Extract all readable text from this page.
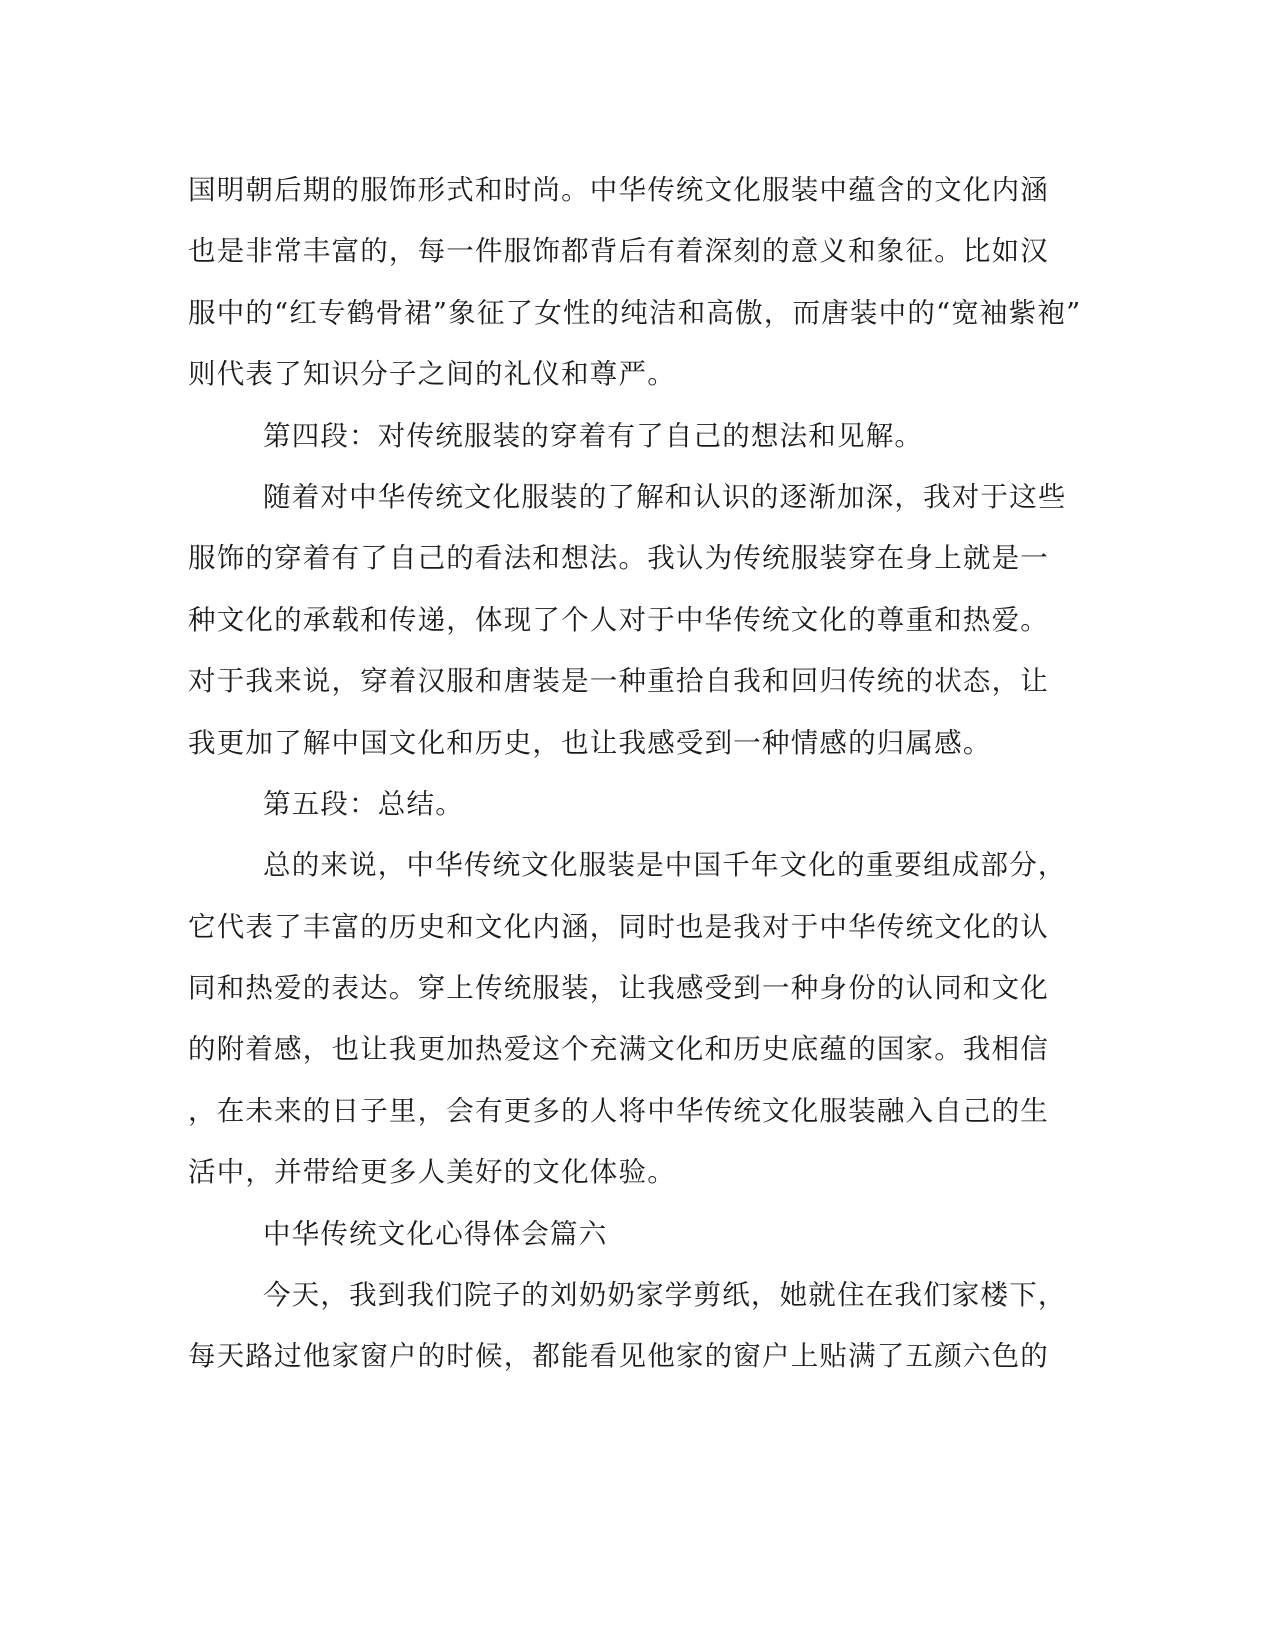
国明朝后期的服饰形式和时尚。中华传统文化服装中蕴含的文化内涵
也是非常丰富的，每一件服饰都背后有着深刻的意义和象征。比如汉
服中的“红专鹤骨裙”象征了女性的纯洁和高傲，而唐装中的“宽袖紫袍”
则代表了知识分子之间的礼仪和尊严。
第四段：对传统服装的穿着有了自己的想法和见解。
随着对中华传统文化服装的了解和认识的逐渐加深，我对于这些
服饰的穿着有了自己的看法和想法。我认为传统服装穿在身上就是一
种文化的承载和传递，体现了个人对于中华传统文化的尊重和热爱。
对于我来说，穿着汉服和唐装是一种重拾自我和回归传统的状态，让
我更加了解中国文化和历史，也让我感受到一种情感的归属感。
第五段：总结。
总的来说，中华传统文化服装是中国千年文化的重要组成部分，
它代表了丰富的历史和文化内涵，同时也是我对于中华传统文化的认
同和热爱的表达。穿上传统服装，让我感受到一种身份的认同和文化
的附着感，也让我更加热爱这个充满文化和历史底蕴的国家。我相信
，在未来的日子里，会有更多的人将中华传统文化服装融入自己的生
活中，并带给更多人美好的文化体验。
中华传统文化心得体会篇六
今天，我到我们院子的刘奶奶家学剪纸，她就住在我们家楼下，
每天路过他家窗户的时候，都能看见他家的窗户上贴满了五颜六色的
